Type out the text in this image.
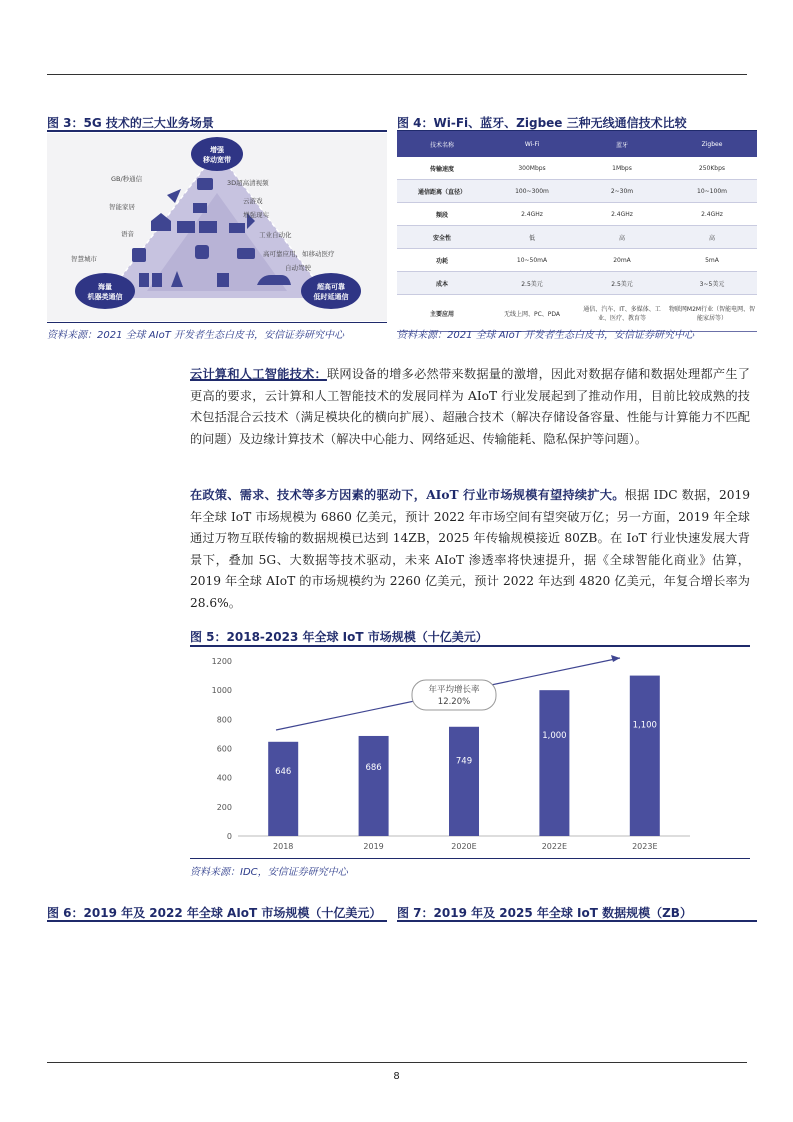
图 3：5G 技术的三大业务场景
GB/秒通信
智能家居
语音
智慧城市
3D超高清视频
云游戏
增强现实
工业自动化
高可靠应用，如移动医疗
自动驾驶
增强
移动宽带
海量
机器类通信
超高可靠
低时延通信
资料来源：2021 全球 AIoT 开发者生态白皮书，安信证券研究中心
图 4：Wi-Fi、蓝牙、Zigbee 三种无线通信技术比较
技术名称	Wi-Fi	蓝牙	Zigbee
传输速度	300Mbps	1Mbps	250Kbps
通信距离（直径）	100~300m	2~30m	10~100m
频段	2.4GHz	2.4GHz	2.4GHz
安全性	低	高	高
功耗	10~50mA	20mA	5mA
成本	2.5美元	2.5美元	3~5美元
主要应用	无线上网、PC、PDA	通信、汽车、IT、多媒体、工业、医疗、教育等	物联网M2M行业（智能电网、智能家居等）
资料来源：2021 全球 AIoT 开发者生态白皮书，安信证券研究中心
云计算和人工智能技术：联网设备的增多必然带来数据量的激增，因此对数据存储和数据处理都产生了更高的要求，云计算和人工智能技术的发展同样为 AIoT 行业发展起到了推动作用，目前比较成熟的技术包括混合云技术（满足模块化的横向扩展）、超融合技术（解决存储设备容量、性能与计算能力不匹配的问题）及边缘计算技术（解决中心能力、网络延迟、传输能耗、隐私保护等问题）。
在政策、需求、技术等多方因素的驱动下，AIoT 行业市场规模有望持续扩大。根据 IDC 数据，2019 年全球 IoT 市场规模为 6860 亿美元，预计 2022 年市场空间有望突破万亿；另一方面，2019 年全球通过万物互联传输的数据规模已达到 14ZB，2025 年传输规模接近 80ZB。在 IoT 行业快速发展大背景下，叠加 5G、大数据等技术驱动，未来 AIoT 渗透率将快速提升，据《全球智能化商业》估算，2019 年全球 AIoT 的市场规模约为 2260 亿美元，预计 2022 年达到 4820 亿美元，年复合增长率为 28.6%。
图 5：2018-2023 年全球 IoT 市场规模（十亿美元）
0
200
400
600
800
1000
1200
646	686
749
1,000
1,100
2018	2019	2020E	2022E	2023E
年平均增长率
12.20%
资料来源：IDC，安信证券研究中心
图 6：2019 年及 2022 年全球 AIoT 市场规模（十亿美元） 图 7：2019 年及 2025 年全球 IoT 数据规模（ZB）
8
